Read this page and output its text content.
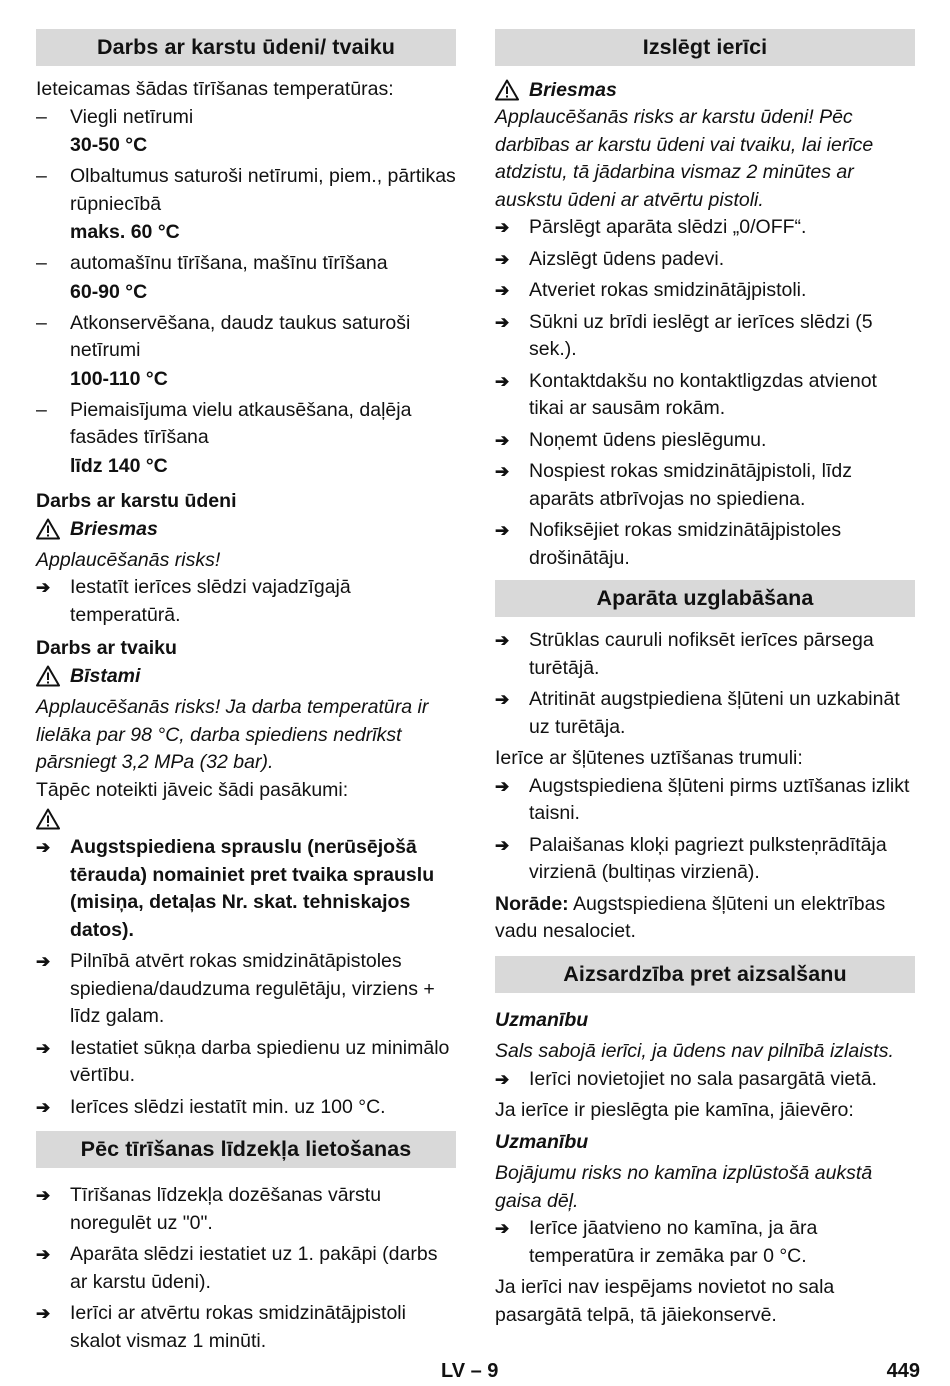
Darbs ar karstu ūdeni/ tvaiku
Ieteicamas šādas tīrīšanas temperatūras:
–	Viegli netīrumi
30-50 °C
–	Olbaltumus saturoši netīrumi, piem., pārtikas rūpniecībā
maks. 60 °C
–	automašīnu tīrīšana, mašīnu tīrīšana
60-90 °C
–	Atkonservēšana, daudz taukus saturoši netīrumi
100-110 °C
–	Piemaisījuma vielu atkausēšana, daļēja fasādes tīrīšana
līdz 140 °C
Darbs ar karstu ūdeni
Briesmas
Applaucēšanās risks!
➔	Iestatīt ierīces slēdzi vajadzīgajā temperatūrā.
Darbs ar tvaiku
Bīstami
Applaucēšanās risks! Ja darba temperatūra ir lielāka par 98 °C, darba spiediens nedrīkst pārsniegt 3,2 MPa (32 bar).
Tāpēc noteikti jāveic šādi pasākumi:
➔	Augstspiediena sprauslu (nerūsējošā tērauda) nomainiet pret tvaika sprauslu (misiņa, detaļas Nr. skat. tehniskajos datos).
➔	Pilnībā atvērt rokas smidzinātāpistoles spiediena/daudzuma regulētāju, virziens + līdz galam.
➔	Iestatiet sūkņa darba spiedienu uz minimālo vērtību.
➔	Ierīces slēdzi iestatīt min. uz 100 °C.
Pēc tīrīšanas līdzekļa lietošanas
➔	Tīrīšanas līdzekļa dozēšanas vārstu noregulēt uz "0".
➔	Aparāta slēdzi iestatiet uz 1. pakāpi (darbs ar karstu ūdeni).
➔	Ierīci ar atvērtu rokas smidzinātājpistoli skalot vismaz 1 minūti.
Izslēgt ierīci
Briesmas
Applaucēšanās risks ar karstu ūdeni! Pēc darbības ar karstu ūdeni vai tvaiku, lai ierīce atdzistu, tā jādarbina vismaz 2 minūtes ar auskstu ūdeni ar atvērtu pistoli.
➔	Pārslēgt aparāta slēdzi „0/OFF“.
➔	Aizslēgt ūdens padevi.
➔	Atveriet rokas smidzinātājpistoli.
➔	Sūkni uz brīdi ieslēgt ar ierīces slēdzi (5 sek.).
➔	Kontaktdakšu no kontaktligzdas atvienot tikai ar sausām rokām.
➔	Noņemt ūdens pieslēgumu.
➔	Nospiest rokas smidzinātājpistoli, līdz aparāts atbrīvojas no spiediena.
➔	Nofiksējiet rokas smidzinātājpistoles drošinātāju.
Aparāta uzglabāšana
➔	Strūklas cauruli nofiksēt ierīces pārsega turētājā.
➔	Atritināt augstpiediena šļūteni un uzkabināt uz turētāja.
Ierīce ar šļūtenes uztīšanas trumuli:
➔	Augstspiediena šļūteni pirms uztīšanas izlikt taisni.
➔	Palaišanas kloķi pagriezt pulksteņrādītāja virzienā (bultiņas virzienā).
Norāde: Augstspiediena šļūteni un elektrības vadu nesalociet.
Aizsardzība pret aizsalšanu
Uzmanību
Sals sabojā ierīci, ja ūdens nav pilnībā izlaists.
➔	Ierīci novietojiet no sala pasargātā vietā.
Ja ierīce ir pieslēgta pie kamīna, jāievēro:
Uzmanību
Bojājumu risks no kamīna izplūstošā aukstā gaisa dēļ.
➔	Ierīce jāatvieno no kamīna, ja āra temperatūra ir zemāka par 0 °C.
Ja ierīci nav iespējams novietot no sala pasargātā telpā, tā jāiekonservē.
LV – 9	449
